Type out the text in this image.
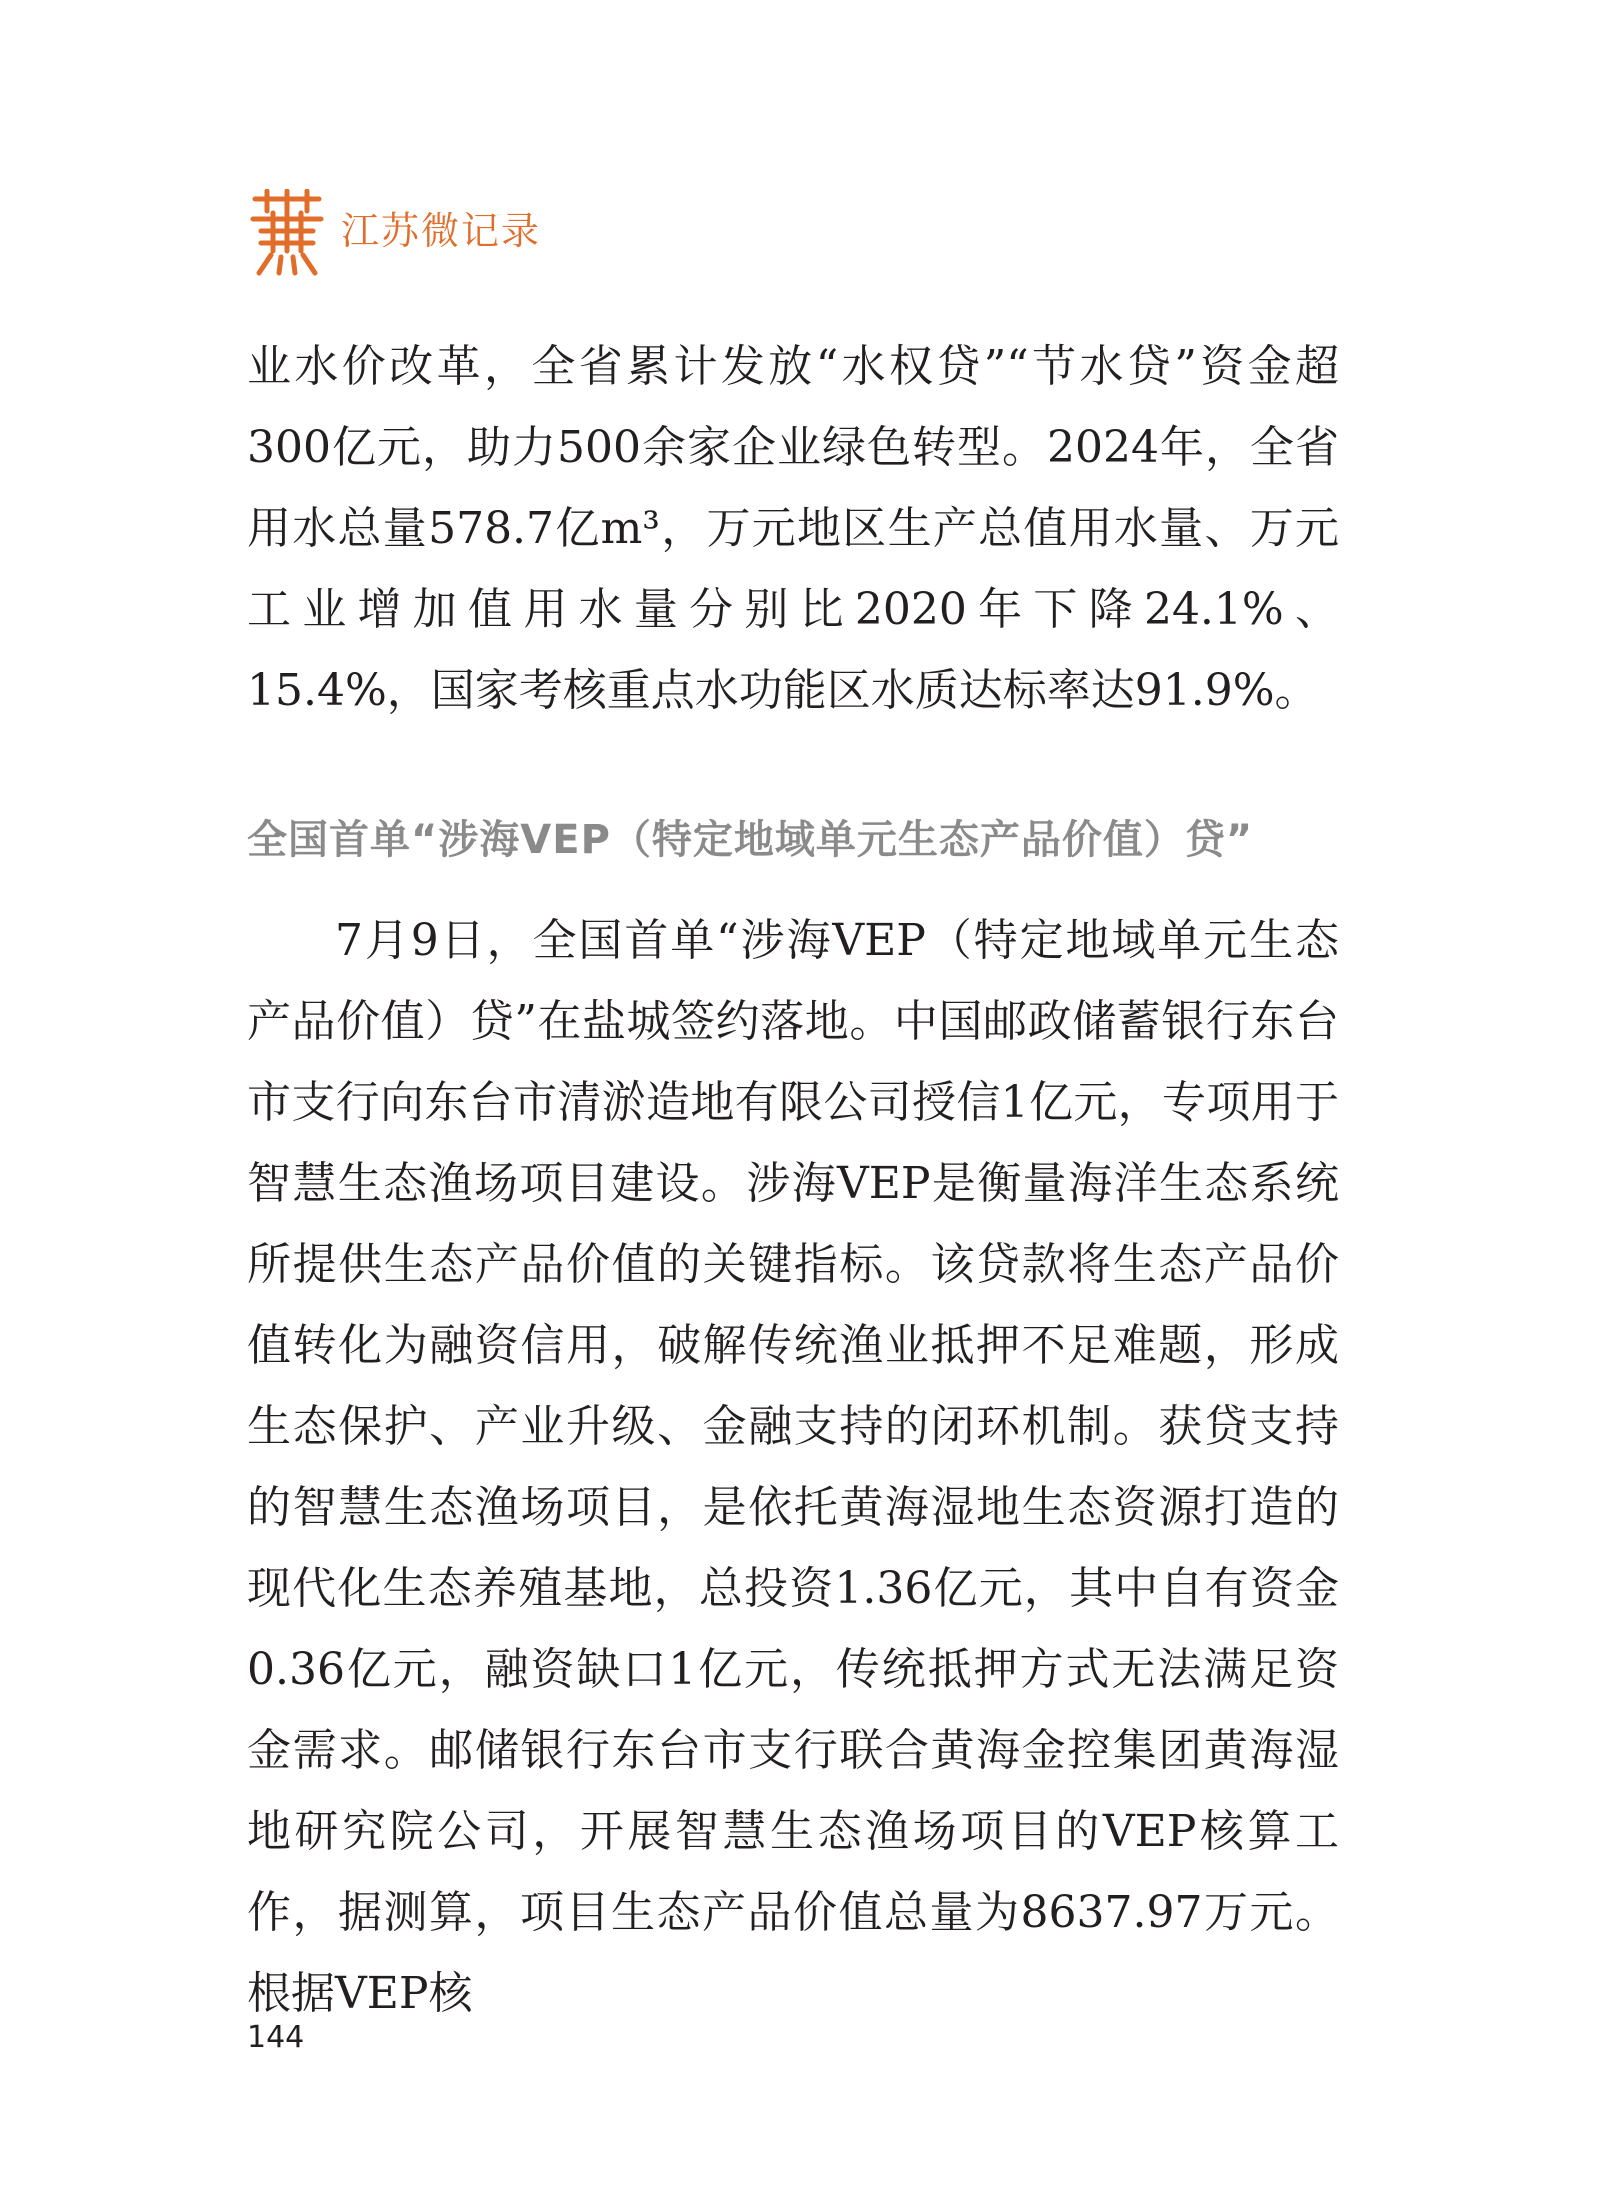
江苏微记录

业水价改革，全省累计发放“水权贷”“节水贷”资金超300亿元，助力500余家企业绿色转型。2024年，全省用水总量578.7亿m³，万元地区生产总值用水量、万元工业增加值用水量分别比2020年下降24.1%、15.4%，国家考核重点水功能区水质达标率达91.9%。

全国首单“涉海VEP（特定地域单元生态产品价值）贷”

7月9日，全国首单“涉海VEP（特定地域单元生态产品价值）贷”在盐城签约落地。中国邮政储蓄银行东台市支行向东台市清淤造地有限公司授信1亿元，专项用于智慧生态渔场项目建设。涉海VEP是衡量海洋生态系统所提供生态产品价值的关键指标。该贷款将生态产品价值转化为融资信用，破解传统渔业抵押不足难题，形成生态保护、产业升级、金融支持的闭环机制。获贷支持的智慧生态渔场项目，是依托黄海湿地生态资源打造的现代化生态养殖基地，总投资1.36亿元，其中自有资金0.36亿元，融资缺口1亿元，传统抵押方式无法满足资金需求。邮储银行东台市支行联合黄海金控集团黄海湿地研究院公司，开展智慧生态渔场项目的VEP核算工作，据测算，项目生态产品价值总量为8637.97万元。根据VEP核

144
